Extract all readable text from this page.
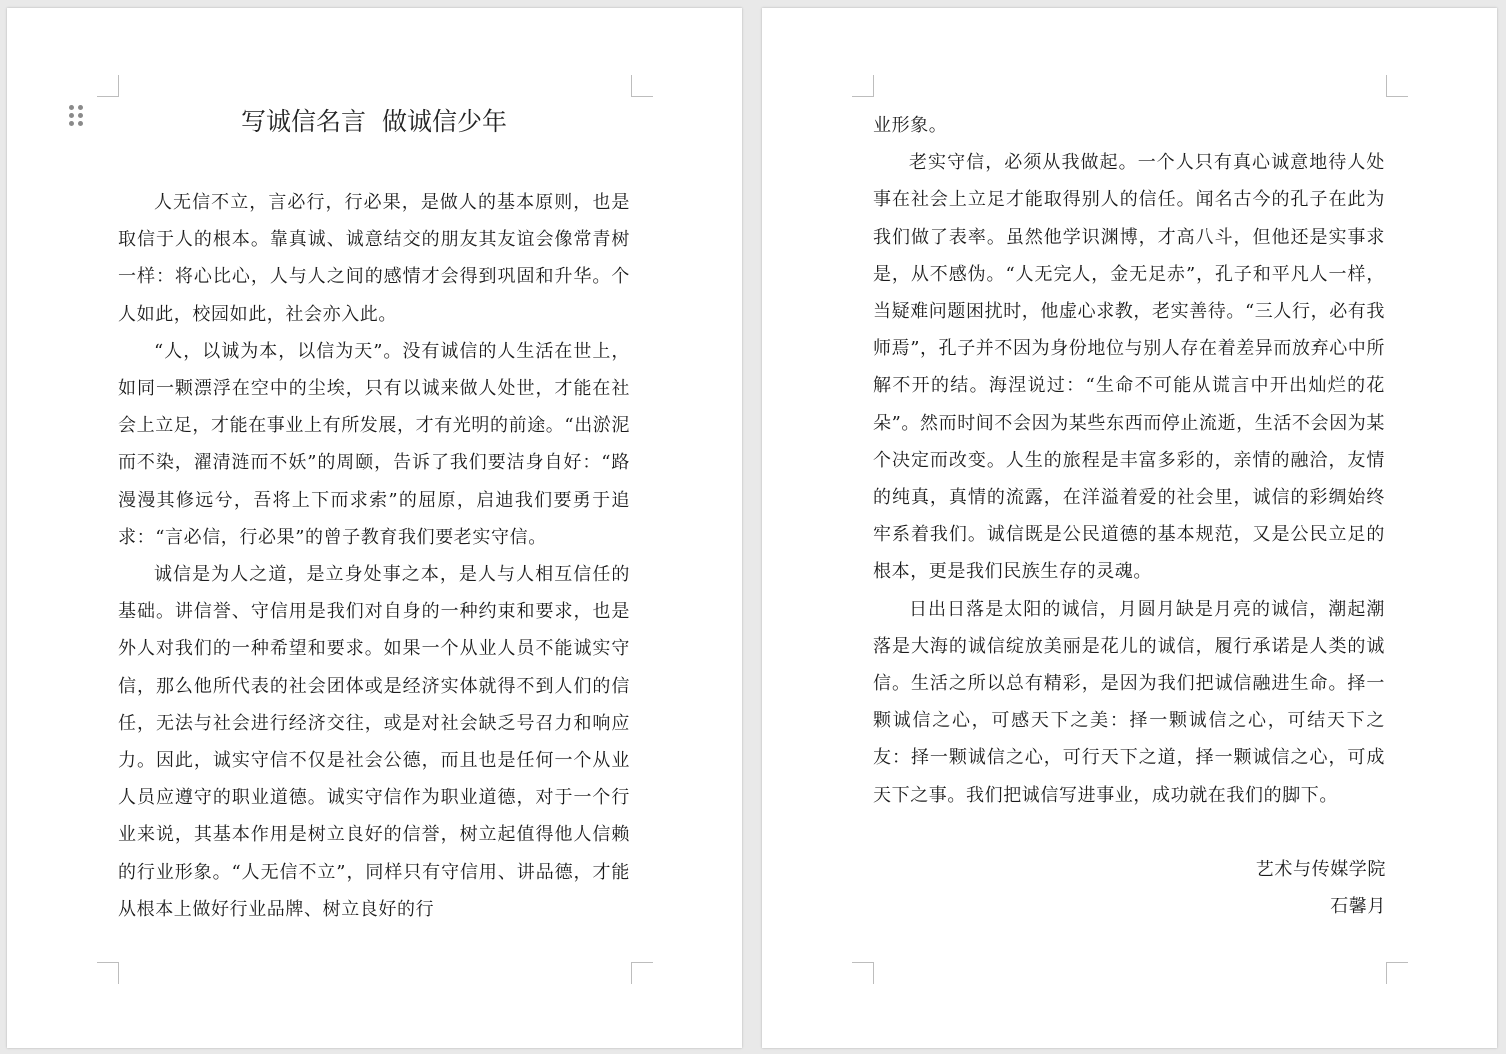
写诚信名言  做诚信少年

人无信不立，言必行，行必果，是做人的基本原则，也是取信于人的根本。靠真诚、诚意结交的朋友其友谊会像常青树一样：将心比心，人与人之间的感情才会得到巩固和升华。个人如此，校园如此，社会亦入此。

“人，以诚为本，以信为天”。没有诚信的人生活在世上，如同一颗漂浮在空中的尘埃，只有以诚来做人处世，才能在社会上立足，才能在事业上有所发展，才有光明的前途。“出淤泥而不染，濯清涟而不妖”的周颐，告诉了我们要洁身自好：“路漫漫其修远兮，吾将上下而求索”的屈原，启迪我们要勇于追求：“言必信，行必果”的曾子教育我们要老实守信。

诚信是为人之道，是立身处事之本，是人与人相互信任的基础。讲信誉、守信用是我们对自身的一种约束和要求，也是外人对我们的一种希望和要求。如果一个从业人员不能诚实守信，那么他所代表的社会团体或是经济实体就得不到人们的信任，无法与社会进行经济交往，或是对社会缺乏号召力和响应力。因此，诚实守信不仅是社会公德，而且也是任何一个从业人员应遵守的职业道德。诚实守信作为职业道德，对于一个行业来说，其基本作用是树立良好的信誉，树立起值得他人信赖的行业形象。“人无信不立”，同样只有守信用、讲品德，才能从根本上做好行业品牌、树立良好的行

业形象。

老实守信，必须从我做起。一个人只有真心诚意地待人处事在社会上立足才能取得别人的信任。闻名古今的孔子在此为我们做了表率。虽然他学识渊博，才高八斗，但他还是实事求是，从不感伪。“人无完人，金无足赤”，孔子和平凡人一样，当疑难问题困扰时，他虚心求教，老实善待。“三人行，必有我师焉”，孔子并不因为身份地位与别人存在着差异而放弃心中所解不开的结。海涅说过：“生命不可能从谎言中开出灿烂的花朵”。然而时间不会因为某些东西而停止流逝，生活不会因为某个决定而改变。人生的旅程是丰富多彩的，亲情的融洽，友情的纯真，真情的流露，在洋溢着爱的社会里，诚信的彩绸始终牢系着我们。诚信既是公民道德的基本规范，又是公民立足的根本，更是我们民族生存的灵魂。

日出日落是太阳的诚信，月圆月缺是月亮的诚信，潮起潮落是大海的诚信绽放美丽是花儿的诚信，履行承诺是人类的诚信。生活之所以总有精彩，是因为我们把诚信融进生命。择一颗诚信之心，可感天下之美：择一颗诚信之心，可结天下之友：择一颗诚信之心，可行天下之道，择一颗诚信之心，可成天下之事。我们把诚信写进事业，成功就在我们的脚下。

艺术与传媒学院
石馨月
